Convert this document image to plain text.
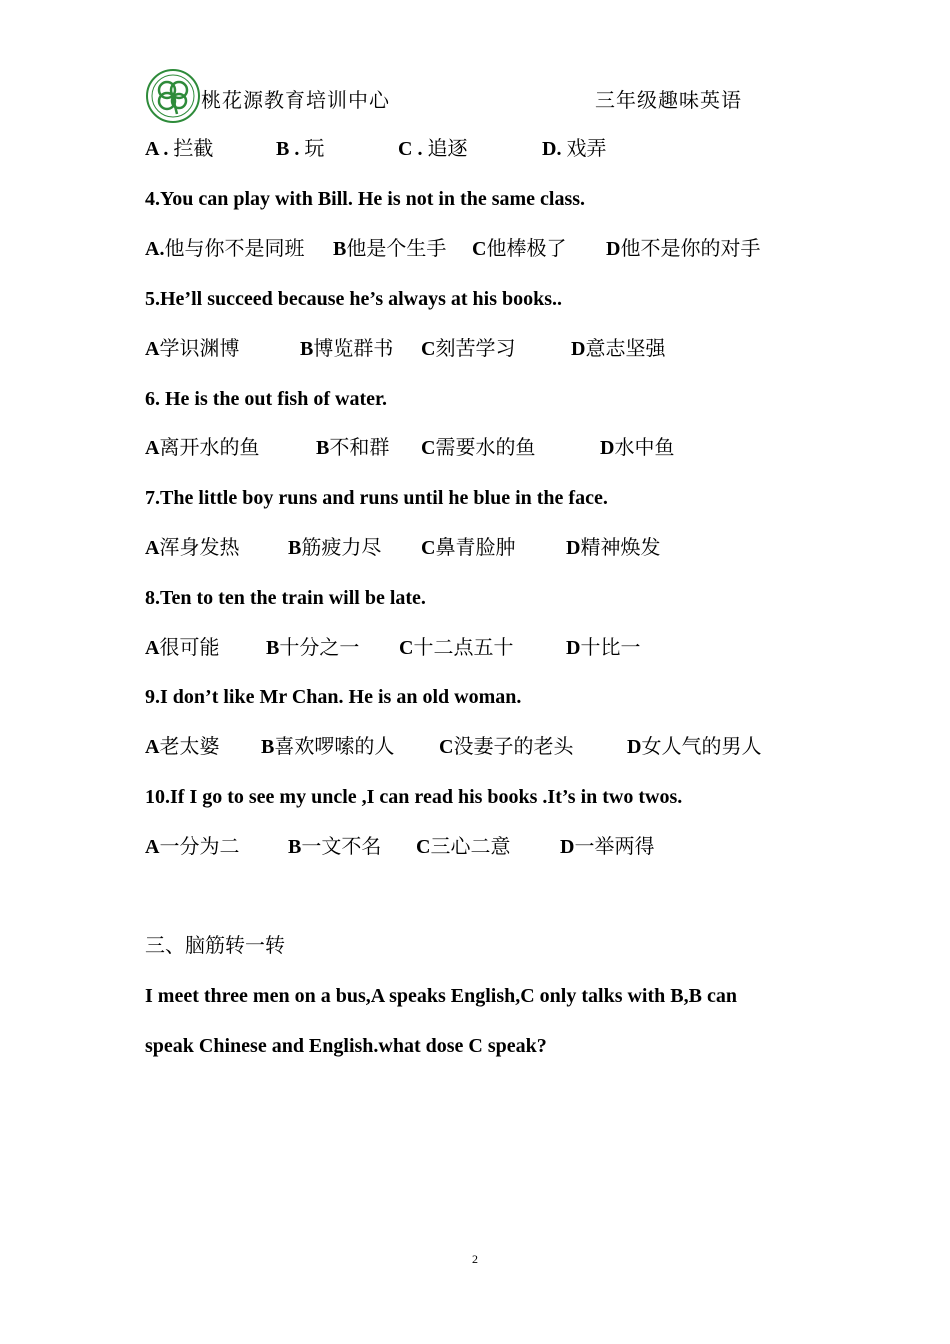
桃花源教育培训中心	三年级趣味英语
A . 拦截	B . 玩	C . 追逐	D. 戏弄
4.You can play with Bill. He is not in the same class.
A.他与你不是同班 B他是个生手 C他棒极了 D他不是你的对手
5.He’ll succeed because he’s always at his books..
A学识渊博	B博览群书 C刻苦学习	D意志坚强
6. He is the out fish of water.
A离开水的鱼	B不和群 C需要水的鱼	D水中鱼
7.The little boy runs and runs until he blue in the face.
A浑身发热 B筋疲力尽 C鼻青脸肿	D精神焕发
8.Ten to ten the train will be late.
A很可能 B十分之一 C十二点五十	D十比一
9.I don’t like Mr Chan. He is an old woman.
A老太婆 B喜欢啰嗦的人 C没妻子的老头	D女人气的男人
10.If I go to see my uncle ,I can read his books .It’s in two twos.
A一分为二 B一文不名 C三心二意 D一举两得
三、脑筋转一转
I meet three men on a bus,A speaks English,C only talks with B,B can
speak Chinese and English.what dose C speak?
2
